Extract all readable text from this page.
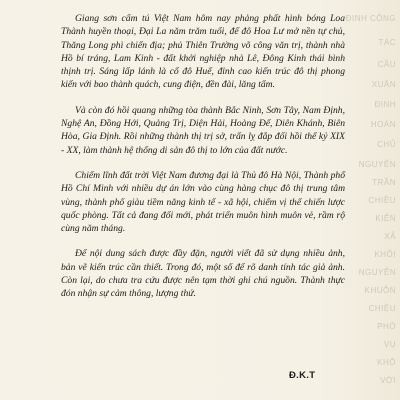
ĐINH CÔNG
TÁC
CẦU
XUÂN
ĐINH
HOÀN
CHỦ
NGUYỄN
TRẦN
CHIỀU
KIẾN
XÃ
KHỐI
NGUYỄN
KHUÔN
CHIỀU
PHÓ
VỤ
KHỔ
VỚI

Giang sơn cẩm tú Việt Nam hôm nay phảng phất hình bóng Loa Thành huyền thoại, Đại La năm trăm tuổi, để đô Hoa Lư mở nền tự chủ, Thăng Long phì chiến địa; phủ Thiên Trường võ công văn trị, thành nhà Hồ bí tráng, Lam Kinh - đất khởi nghiệp nhà Lê, Đông Kinh thái bình thịnh trị. Sáng lấp lánh là cố đô Huế, đỉnh cao kiến trúc đô thị phong kiến với bao thành quách, cung điện, đền đài, lăng tẩm.

Và còn đó hồi quang những tòa thành Bắc Ninh, Sơn Tây, Nam Định, Nghệ An, Đồng Hới, Quảng Trị, Diện Hải, Hoàng Đế, Diên Khánh, Biên Hòa, Gia Định. Rồi những thành thị trị sở, trấn lỵ đắp đổi hồi thế kỷ XIX - XX, làm thành hệ thống di sản đô thị to lớn của đất nước.

Chiếm lĩnh đất trời Việt Nam đương đại là Thủ đô Hà Nội, Thành phố Hồ Chí Minh với nhiều dự án lớn vào cùng hàng chục đô thị trung tâm vùng, thành phố giàu tiềm năng kinh tế - xã hội, chiếm vị thế chiến lược quốc phòng. Tất cả đang đổi mới, phát triển muôn hình muôn vẻ, rầm rộ cùng năm tháng.

Để nội dung sách được đầy đặn, người viết đã sử dụng nhiều ảnh, bản vẽ kiến trúc cần thiết. Trong đó, một số để rõ danh tính tác giả ảnh. Còn lại, do chưa tra cứu được nên tạm thời ghi chú nguồn. Thành thực đón nhận sự cảm thông, lượng thứ.

Đ.K.T
